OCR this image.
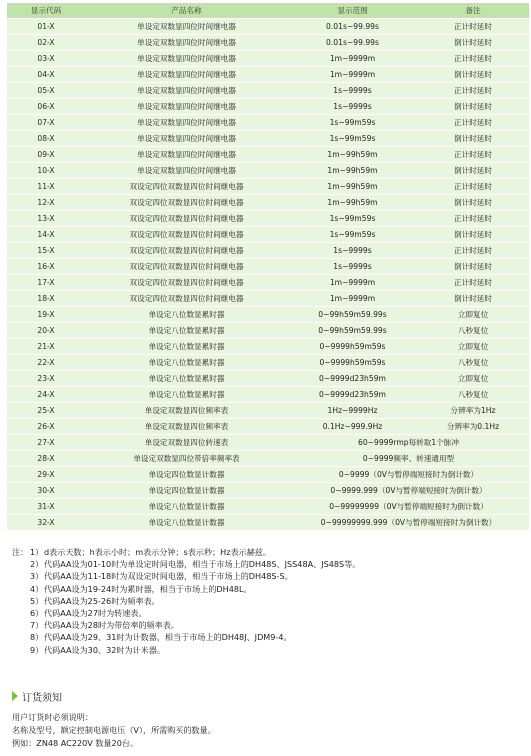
显示代码	产品名称	显示范围	备注
01-X	单设定双数显四位时间继电器	0.01s~99.99s	正计时延时
02-X	单设定双数显四位时间继电器	0.01s~99.99s	倒计时延时
03-X	单设定双数显四位时间继电器	1m~9999m	正计时延时
04-X	单设定双数显四位时间继电器	1m~9999m	倒计时延时
05-X	单设定双数显四位时间继电器	1s~9999s	正计时延时
06-X	单设定双数显四位时间继电器	1s~9999s	倒计时延时
07-X	单设定双数显四位时间继电器	1s~99m59s	正计时延时
08-X	单设定双数显四位时间继电器	1s~99m59s	倒计时延时
09-X	单设定双数显四位时间继电器	1m~99h59m	正计时延时
10-X	单设定双数显四位时间继电器	1m~99h59m	倒计时延时
11-X	双设定四位双数显四位时间继电器	1m~99h59m	正计时延时
12-X	双设定四位双数显四位时间继电器	1m~99h59m	倒计时延时
13-X	双设定四位双数显四位时间继电器	1s~99m59s	正计时延时
14-X	双设定四位双数显四位时间继电器	1s~99m59s	倒计时延时
15-X	双设定四位双数显四位时间继电器	1s~9999s	正计时延时
16-X	双设定四位双数显四位时间继电器	1s~9999s	倒计时延时
17-X	双设定四位双数显四位时间继电器	1m~9999m	正计时延时
18-X	双设定四位双数显四位时间继电器	1m~9999m	倒计时延时
19-X	单设定八位数显累时器	0~99h59m59.99s	立即复位
20-X	单设定八位数显累时器	0~99h59m59.99s	八秒复位
21-X	单设定八位数显累时器	0~9999h59m59s	立即复位
22-X	单设定八位数显累时器	0~9999h59m59s	八秒复位
23-X	单设定八位数显累时器	0~9999d23h59m	立即复位
24-X	单设定八位数显累时器	0~9999d23h59m	八秒复位
25-X	单设定双数显四位频率表	1Hz~9999Hz	分辨率为1Hz
26-X	单设定双数显四位频率表	0.1Hz~999.9Hz	分辨率为0.1Hz
27-X	单设定双数显四位转速表	60~9999rmp每转取1个脉冲	
28-X	单设定双数显四位带倍率频率表	0~9999频率、转速通用型	
29-X	单设定四位数显计数器	0~9999（0V与暂停端短接时为倒计数）	
30-X	单设定四位数显计数器	0~9999.999（0V与暂停端短接时为倒计数）	
31-X	单设定八位数显计数器	0~99999999（0V与暂停端短接时为倒计数）	
32-X	单设定八位数显计数器	0~99999999.999（0V与暂停端短接时为倒计数）	
注： 1） d表示天数；h表示小时；m表示分钟；s表示秒；Hz表示赫兹。
2） 代码AA设为01-10时为单设定时间电器，相当于市场上的DH48S、JSS48A、JS48S等。
3） 代码AA设为11-18时为双设定时间电器，相当于市场上的DH48S-S。
4） 代码AA设为19-24时为累时器，相当于市场上的DH48L。
5） 代码AA设为25-26时为频率表。
6） 代码AA设为27时为转速表。
7） 代码AA设为28时为带倍率的频率表。
8） 代码AA设为29、31时为计数器，相当于市场上的DH48J、JDM9-4。
9） 代码AA设为30、32时为计米器。
订货须知
用户订货时必须说明：
名称及型号，额定控制电源电压（V），所需购买的数量。
例如：ZN48 AC220V 数量20台。
